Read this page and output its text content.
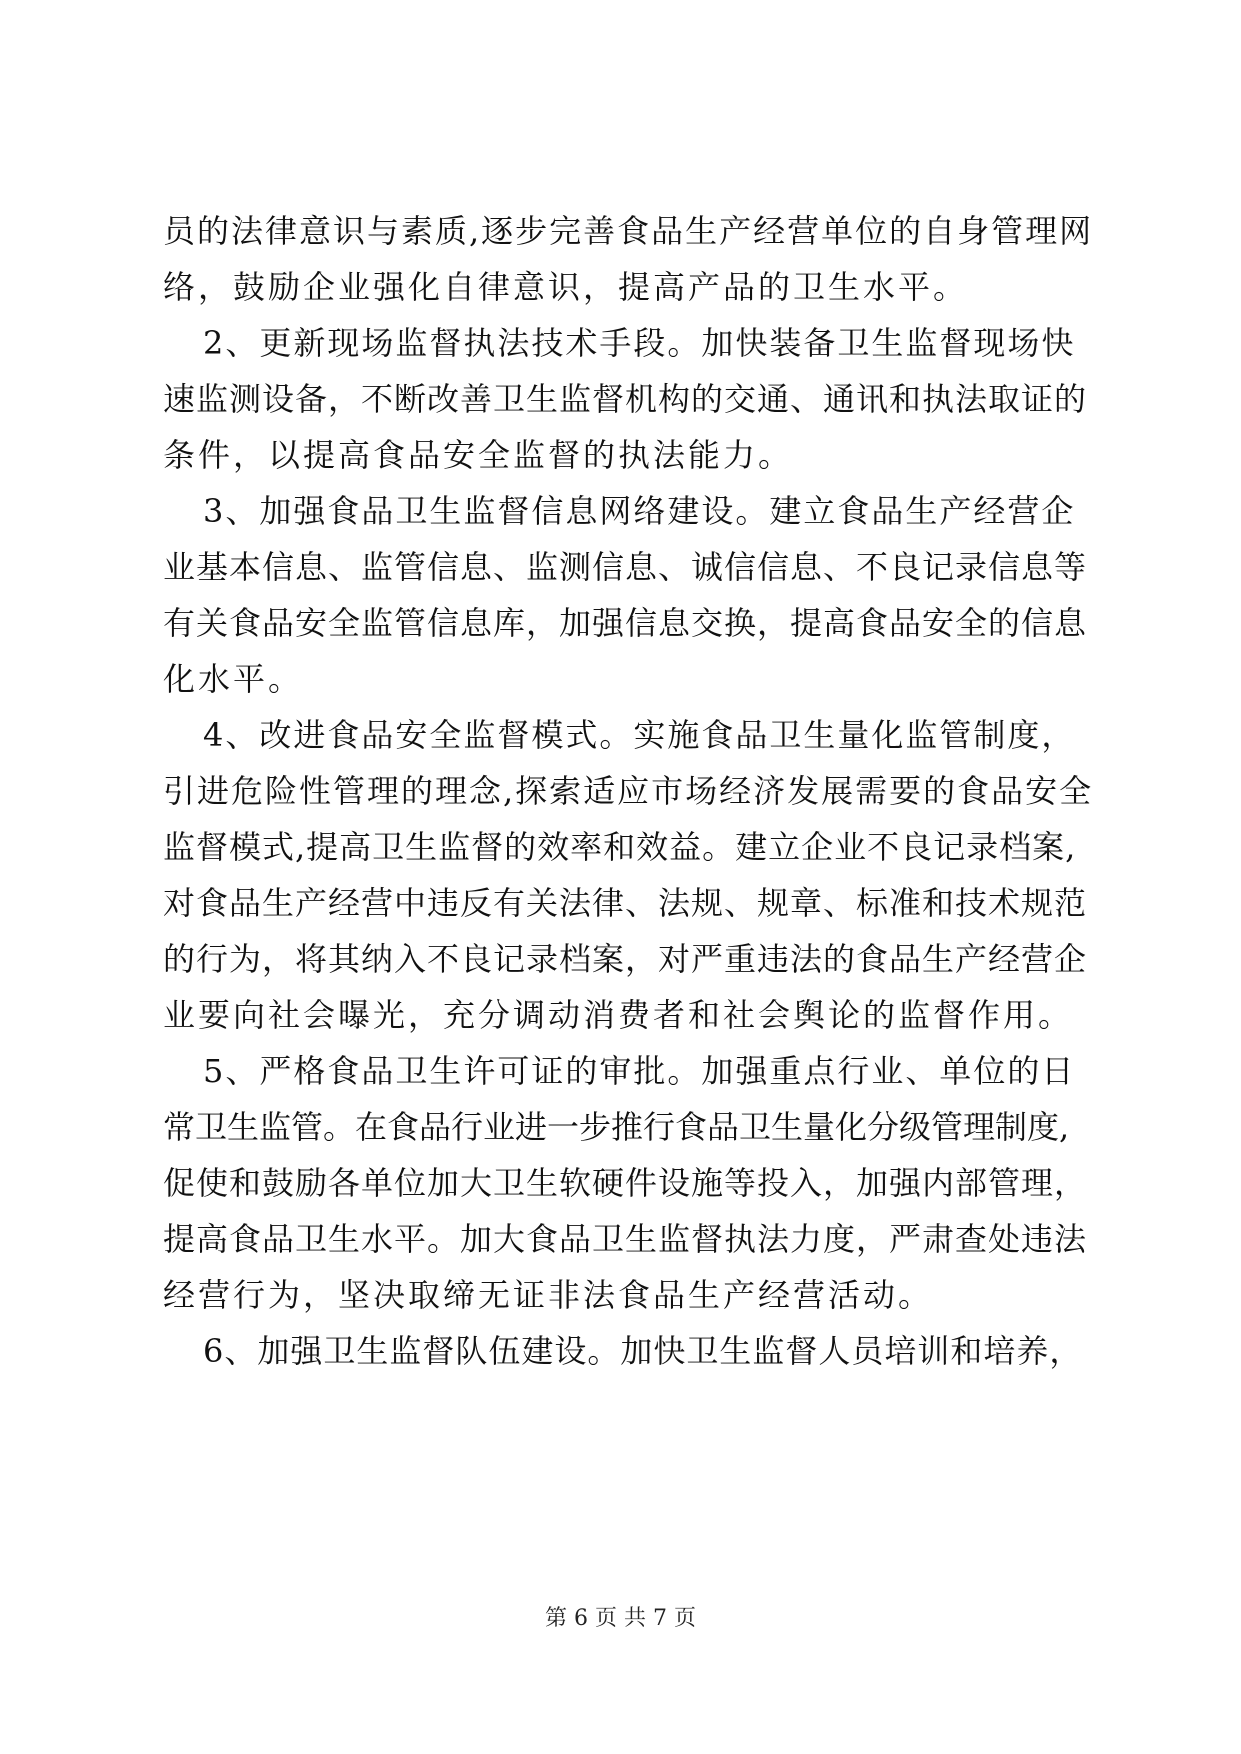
员的法律意识与素质,逐步完善食品生产经营单位的自身管理网
络，鼓励企业强化自律意识，提高产品的卫生水平。
2、更新现场监督执法技术手段。加快装备卫生监督现场快
速监测设备，不断改善卫生监督机构的交通、通讯和执法取证的
条件，以提高食品安全监督的执法能力。
3、加强食品卫生监督信息网络建设。建立食品生产经营企
业基本信息、监管信息、监测信息、诚信信息、不良记录信息等
有关食品安全监管信息库，加强信息交换，提高食品安全的信息
化水平。
4、改进食品安全监督模式。实施食品卫生量化监管制度，
引进危险性管理的理念,探索适应市场经济发展需要的食品安全
监督模式,提高卫生监督的效率和效益。建立企业不良记录档案,
对食品生产经营中违反有关法律、法规、规章、标准和技术规范
的行为，将其纳入不良记录档案，对严重违法的食品生产经营企
业要向社会曝光，充分调动消费者和社会舆论的监督作用。
5、严格食品卫生许可证的审批。加强重点行业、单位的日
常卫生监管。在食品行业进一步推行食品卫生量化分级管理制度,
促使和鼓励各单位加大卫生软硬件设施等投入，加强内部管理，
提高食品卫生水平。加大食品卫生监督执法力度，严肃查处违法
经营行为，坚决取缔无证非法食品生产经营活动。
6、加强卫生监督队伍建设。加快卫生监督人员培训和培养，
第 6 页 共 7 页
